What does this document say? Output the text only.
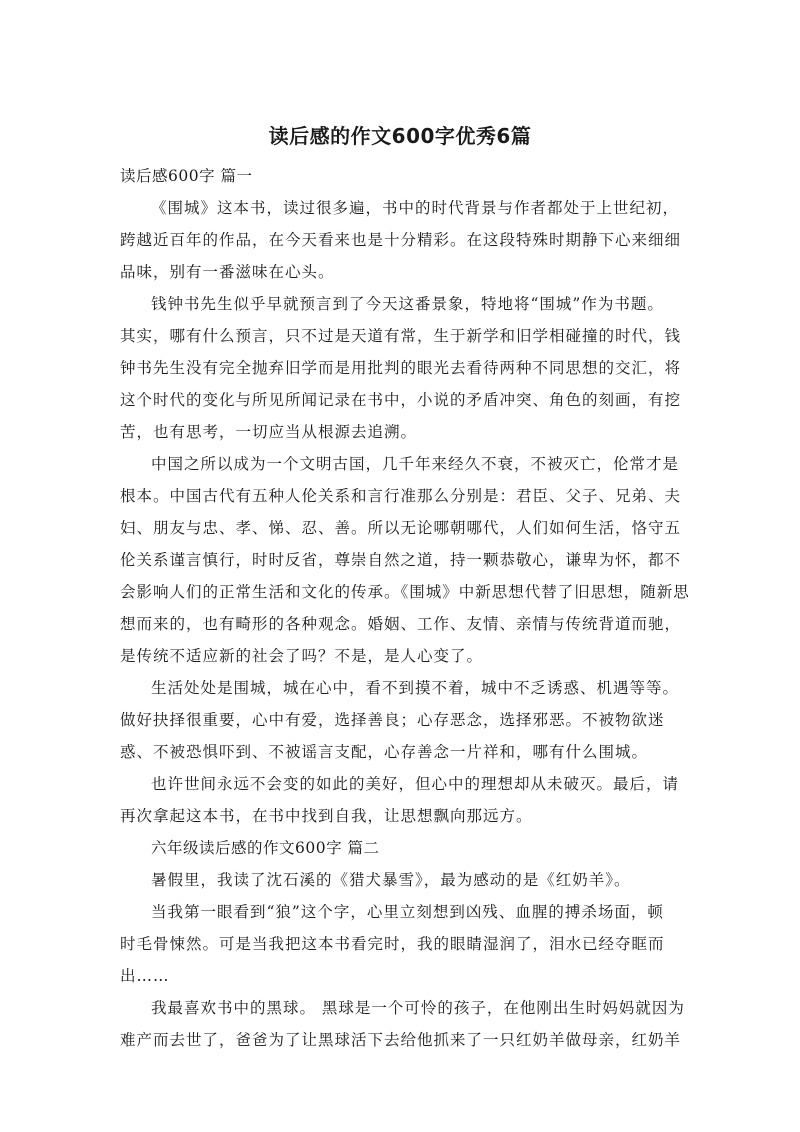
读后感的作文600字优秀6篇
读后感600字 篇一
《围城》这本书，读过很多遍，书中的时代背景与作者都处于上世纪初，
跨越近百年的作品，在今天看来也是十分精彩。在这段特殊时期静下心来细细
品味，别有一番滋味在心头。
钱钟书先生似乎早就预言到了今天这番景象，特地将“围城”作为书题。
其实，哪有什么预言，只不过是天道有常，生于新学和旧学相碰撞的时代，钱
钟书先生没有完全抛弃旧学而是用批判的眼光去看待两种不同思想的交汇，将
这个时代的变化与所见所闻记录在书中，小说的矛盾冲突、角色的刻画，有挖
苦，也有思考，一切应当从根源去追溯。
中国之所以成为一个文明古国，几千年来经久不衰，不被灭亡，伦常才是
根本。中国古代有五种人伦关系和言行准那么分别是：君臣、父子、兄弟、夫
妇、朋友与忠、孝、悌、忍、善。所以无论哪朝哪代，人们如何生活，恪守五
伦关系谨言慎行，时时反省，尊崇自然之道，持一颗恭敬心，谦卑为怀，都不
会影响人们的正常生活和文化的传承。《围城》中新思想代替了旧思想，随新思
想而来的，也有畸形的各种观念。婚姻、工作、友情、亲情与传统背道而驰，
是传统不适应新的社会了吗？不是，是人心变了。
生活处处是围城，城在心中，看不到摸不着，城中不乏诱惑、机遇等等。
做好抉择很重要，心中有爱，选择善良；心存恶念，选择邪恶。不被物欲迷
惑、不被恐惧吓到、不被谣言支配，心存善念一片祥和，哪有什么围城。
也许世间永远不会变的如此的美好，但心中的理想却从未破灭。最后，请
再次拿起这本书，在书中找到自我，让思想飘向那远方。
六年级读后感的作文600字 篇二
暑假里，我读了沈石溪的《猎犬暴雪》，最为感动的是《红奶羊》。
当我第一眼看到“狼”这个字，心里立刻想到凶残、血腥的搏杀场面，顿
时毛骨悚然。可是当我把这本书看完时，我的眼睛湿润了，泪水已经夺眶而
出……
我最喜欢书中的黑球。 黑球是一个可怜的孩子，在他刚出生时妈妈就因为
难产而去世了，爸爸为了让黑球活下去给他抓来了一只红奶羊做母亲，红奶羊
